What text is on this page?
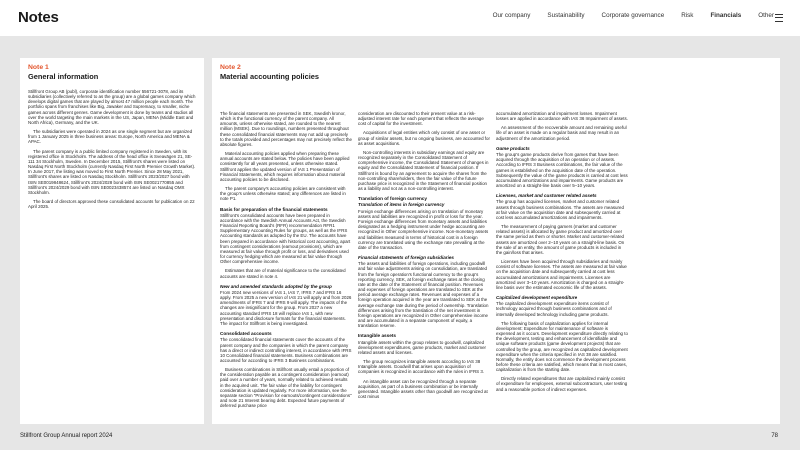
Notes	Our company	Sustainability	Corporate governance	Risk	Financials	Other
Note 1
General information

Stillfront Group AB (publ), corporate identification number 556721-3078, and its subsidiaries (collectively referred to as the group) are a global games company which develops digital games that are played by almost 47 million people each month. The portfolio spans from franchises like Big, Jawaker and Supremacy, to smaller, niche games across different genres. Game development is done by teams and studios all over the world targeting the main markets in the US, Japan, MENA (Middle East and North Africa), Germany, and the UK.

The subsidiaries were operated in 2024 as one single segment but are organized from 1 January 2025 in three business areas: Europe, North America and MENA & APAC.

The parent company is a public limited company registered in Sweden, with its registered office in Stockholm. The address of the head office is Sveavägen 21, SE-111 34 Stockholm, Sweden. In December 2015, Stillfront's shares were listed on Nasdaq First North Stockholm (currently Nasdaq First North Premier Growth Market). In June 2017, the listing was moved to First North Premier. Since 28 May 2021, Stillfront's shares are listed on Nasdaq Stockholm. Stillfront's 2023/2027 bond with ISIN SE0019848624, Stillfront's 2024/2028 bond with ISIN SE0021770855 and Stillfront's 2024/2029 bond with ISIN SE0023438574 are listed on Nasdaq OMX Stockholm.

The board of directors approved these consolidated accounts for publication on 22 April 2025.

Note 2
Material accounting policies

The financial statements are presented in SEK, Swedish kronor, which is the functional currency of the parent company. All amounts, unless otherwise stated, are rounded to the nearest million (MSEK). Due to roundings, numbers presented throughout these consolidated financial statements may not add up precisely to the totals provided and percentages may not precisely reflect the absolute figures.

Material accounting policies applied when preparing these annual accounts are stated below. The policies have been applied consistently for all years presented, unless otherwise stated. Stillfront applies the updated version of IAS 1 Presentation of Financial Statements, which requires information about material accounting policies to be disclosed.

The parent company's accounting policies are consistent with the group's unless otherwise stated; any differences are listed in note P1.

Basis for preparation of the financial statements

Stillfront's consolidated accounts have been prepared in accordance with the Swedish Annual Accounts Act, the Swedish Financial Reporting Board's (RFR) recommendation RFR1 Supplementary Accounting Rules for groups, as well as the IFRS Accounting standards as adopted by the EU. The accounts have been prepared in accordance with historical cost accounting, apart from contingent considerations (earnout provisions), which are measured at fair value through profit or loss, and derivatives used for currency hedging which are measured at fair value through Other comprehensive income.

Estimates that are of material significance to the consolidated accounts are stated in note 4.

New and amended standards adopted by the group

From 2024 new versions of IAS 1, IAS 7, IFRS 7 and IFRS 16 apply. From 2025 a new version of IAS 21 will apply and from 2026 amendments of IFRS 7 and IFRS 9 will apply. The impacts of the changes are insignificant for the group. From 2027 a new accounting standard IFRS 18 will replace IAS 1, with new presentation and disclosure formats for the financial statements. The impact for Stillfront is being investigated.

Consolidated accounts

The consolidated financial statements cover the accounts of the parent company and the companies in which the parent company has a direct or indirect controlling interest, in accordance with IFRS 10 Consolidated financial statements. Business combinations are accounted for according to IFRS 3 Business combinations.

Business combinations in Stillfront usually entail a proportion of the consideration payable as a contingent consideration (earnout) paid over a number of years, normally related to achieved results in the acquired unit. The fair value of the liability for contingent consideration is updated regularly. For more information, see the separate section "Provision for earnouts/contingent considerations" and note 21 Interest bearing debt. Expected future payments of deferred purchase price

consideration are discounted to their present value at a risk-adjusted interest rate for each payment that reflects the average cost of capital for the investment.

Acquisitions of legal entities which only consist of one asset or group of similar assets, but no ongoing business, are accounted for as asset acquisitions.

Non-controlling interests in subsidiary earnings and equity are recognized separately in the Consolidated Statement of comprehensive income, the Consolidated Statement of changes in equity and the Consolidated Statement of financial position. If Stillfront is bound by an agreement to acquire the shares from the non-controlling shareholders, then the fair value of the future purchase price is recognized in the Statement of financial position as a liability and not as a non-controlling interest.

Translation of foreign currency
Translation of items in foreign currency

Foreign exchange differences arising on translation of monetary assets and liabilities are recognized in profit or loss for the year. Foreign exchange differences from monetary assets and liabilities designated as a hedging instrument under hedge accounting are recognized in Other comprehensive income. Non-monetary assets and liabilities measured in terms of historical cost in a foreign currency are translated using the exchange rate prevailing at the date of the transaction.

Financial statements of foreign subsidiaries

The assets and liabilities of foreign operations, including goodwill and fair value adjustments arising on consolidation, are translated from the foreign operation's functional currency to the group's reporting currency, SEK, at foreign exchange rates at the closing rate at the date of the Statement of financial position. Revenues and expenses of foreign operations are translated to SEK at the period average exchange rates. Revenues and expenses of a foreign operation acquired in the year are translated to SEK at the average exchange rate during the period of ownership. Translation differences arising from the translation of the net investment in foreign operations are recognized in Other comprehensive income and are accumulated in a separate component of equity, a translation reserve.

Intangible assets

Intangible assets within the group relates to goodwill, capitalized development expenditures, game products, market and customer related assets and licenses.

The group recognizes intangible assets according to IAS 38 Intangible assets. Goodwill that arises upon acquisition of companies is recognized in accordance with the rules in IFRS 3.

An intangible asset can be recognized through a separate acquisition, as part of a business combination or be internally generated. Intangible assets other than goodwill are recognized at cost minus

accumulated amortization and impairment losses. Impairment losses are applied in accordance with IAS 36 Impairment of assets.

An assessment of the recoverable amount and remaining useful life of an asset is made on a regular basis and may result in an adjustment of the amortization period.

Game products

The group's game products derive from games that have been acquired through the acquisition of an operation or of assets. According to IFRS 3 Business combinations, the fair value of the games is established on the acquisition date of the operation. Subsequently the value of the game products is carried at cost less accumulated amortizations and impairments. Game products are amortized on a straight-line basis over 5–10 years.

Licenses, market and customer related assets

The group has acquired licenses, market and customer related assets through business combinations. The assets are measured at fair value on the acquisition date and subsequently carried at cost less accumulated amortizations and impairments.

The measurement of paying gamers (market and customer related assets) is allocated by game product and amortized over the same period as them or shorter. Market and customer-related assets are amortized over 2–10 years on a straight-line basis. On the sale of an entity, the amount of game products is included in the gain/loss that arises.

Licenses have been acquired through subsidiaries and mainly consist of software licenses. The assets are measured at fair value on the acquisition date and subsequently carried at cost less accumulated amortizations and impairments. Licenses are amortized over 3–10 years. Amortization is charged on a straight-line basis over the estimated economic life of the assets.

Capitalized development expenditure

The capitalized development expenditure items consist of technology acquired through business combinations and of internally developed technology including game products.

The following basis of capitalization applies for internal development: Expenditure for maintenance of software is expensed as it occurs. Development expenditure directly relating to the development, testing and enhancement of identifiable and unique software products (game development projects) that are controlled by the group, are recognized as capitalized development expenditure when the criteria specified in IAS 38 are satisfied. Normally, the entity does not commence the development process before these criteria are satisfied, which means that in most cases, capitalization is from the starting date.

Directly related expenditures that are capitalized mainly consist of expenditure for employees, external subcontractors, user testing and a reasonable portion of indirect expenses.

Stillfront Group Annual report 2024	78
